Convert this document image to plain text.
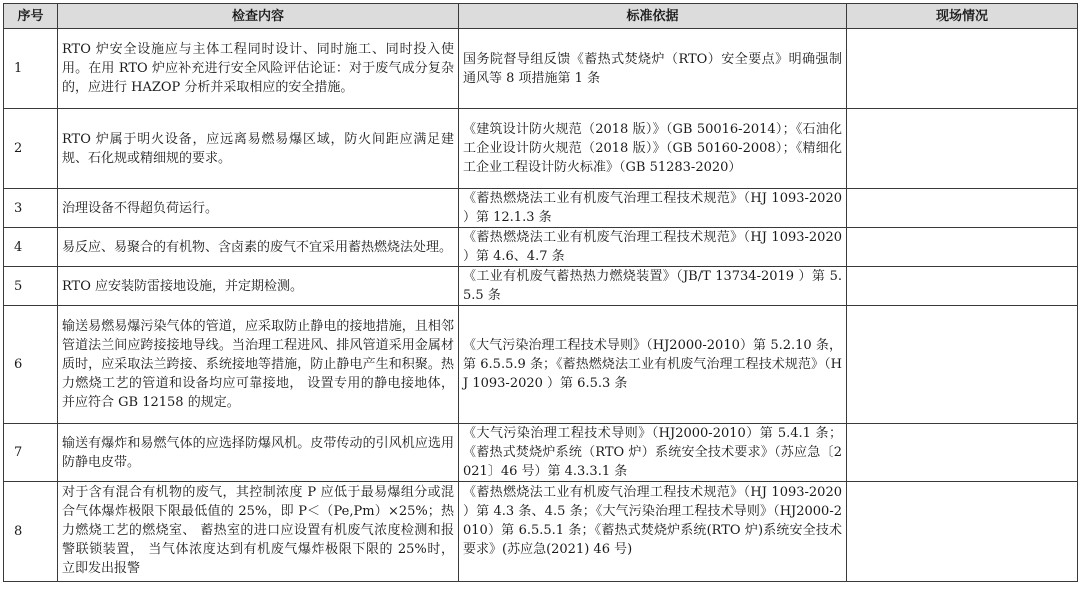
序号	检查内容	标准依据	现场情况
1	RTO 炉安全设施应与主体工程同时设计、同时施工、同时投入使用。在用 RTO 炉应补充进行安全风险评估论证：对于废气成分复杂的，应进行 HAZOP 分析并采取相应的安全措施。	国务院督导组反馈《蓄热式焚烧炉（RTO）安全要点》明确强制通风等 8 项措施第 1 条	
2	RTO 炉属于明火设备，应远离易燃易爆区域，防火间距应满足建规、石化规或精细规的要求。	《建筑设计防火规范（2018 版）》（GB 50016-2014）；《石油化工企业设计防火规范（2018 版）》（GB 50160-2008）；《精细化工企业工程设计防火标准》（GB 51283-2020）	
3	治理设备不得超负荷运行。	《蓄热燃烧法工业有机废气治理工程技术规范》（HJ 1093-2020 ）第 12.1.3 条	
4	易反应、易聚合的有机物、含卤素的废气不宜采用蓄热燃烧法处理。	《蓄热燃烧法工业有机废气治理工程技术规范》（HJ 1093-2020 ）第 4.6、4.7 条	
5	RTO 应安装防雷接地设施，并定期检测。	《工业有机废气蓄热热力燃烧装置》（JB/T 13734-2019 ）第 5.5.5 条	
6	输送易燃易爆污染气体的管道，应采取防止静电的接地措施，且相邻管道法兰间应跨接接地导线。当治理工程进风、排风管道采用金属材质时，应采取法兰跨接、系统接地等措施，防止静电产生和积聚。热力燃烧工艺的管道和设备均应可靠接地， 设置专用的静电接地体， 并应符合 GB 12158 的规定。	《大气污染治理工程技术导则》（HJ2000-2010）第 5.2.10 条，第 6.5.5.9 条；《蓄热燃烧法工业有机废气治理工程技术规范》（HJ 1093-2020 ）第 6.5.3 条	
7	输送有爆炸和易燃气体的应选择防爆风机。皮带传动的引风机应选用防静电皮带。	《大气污染治理工程技术导则》（HJ2000-2010）第 5.4.1 条；《蓄热式焚烧炉系统（RTO 炉）系统安全技术要求》（苏应急〔2021〕46 号）第 4.3.3.1 条	
8	对于含有混合有机物的废气，其控制浓度 P 应低于最易爆组分或混合气体爆炸极限下限最低值的 25%，即 P＜（Pe,Pm）×25%；热力燃烧工艺的燃烧室、 蓄热室的进口应设置有机废气浓度检测和报警联锁装置， 当气体浓度达到有机废气爆炸极限下限的 25%时， 立即发出报警	《蓄热燃烧法工业有机废气治理工程技术规范》（HJ 1093-2020 ）第 4.3 条、4.5 条；《大气污染治理工程技术导则》（HJ2000-2010）第 6.5.5.1 条；《蓄热式焚烧炉系统(RTO 炉)系统安全技术要求》(苏应急(2021) 46 号)	
